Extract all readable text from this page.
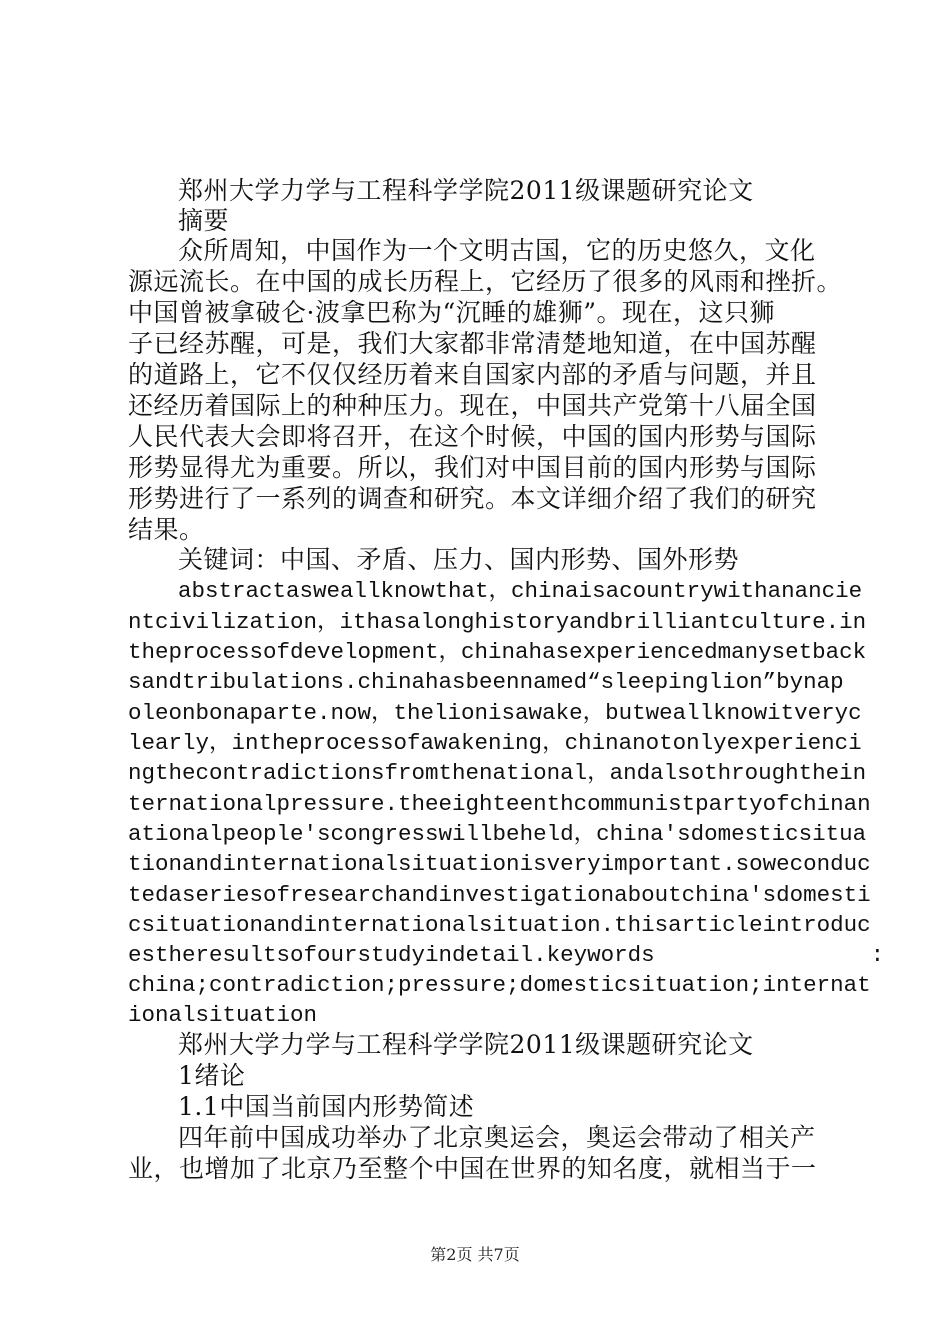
郑州大学力学与工程科学学院2011级课题研究论文
摘要
众所周知，中国作为一个文明古国，它的历史悠久，文化
源远流长。在中国的成长历程上，它经历了很多的风雨和挫折。
中国曾被拿破仑·波拿巴称为“沉睡的雄狮”。现在，这只狮
子已经苏醒，可是，我们大家都非常清楚地知道，在中国苏醒
的道路上，它不仅仅经历着来自国家内部的矛盾与问题，并且
还经历着国际上的种种压力。现在，中国共产党第十八届全国
人民代表大会即将召开，在这个时候，中国的国内形势与国际
形势显得尤为重要。所以，我们对中国目前的国内形势与国际
形势进行了一系列的调查和研究。本文详细介绍了我们的研究
结果。
关键词：中国、矛盾、压力、国内形势、国外形势
abstractasweallknowthat，chinaisacountrywithananciе
ntcivilization，ithasalonghistoryandbrilliantculture.in
theprocessofdevelopment，chinahasexperiencedmanysetback
sandtribulations.chinahasbeennamed“sleepinglion”bynap
oleonbonaparte.now，thelionisawake，butweallknowitveryc
learly，intheprocessofawakening，chinanotonlyexperienci
ngthecontradictionsfromthenational，andalsothroughthein
ternationalpressure.theeighteenthcommunistpartyofchinan
ationalpeople'scongresswillbeheld，china'sdomesticsitua
tionandinternationalsituationisveryimportant.soweconduc
tedaseriesofresearchandinvestigationaboutchina'sdomesti
csituationandinternationalsituation.thisarticleintroduc
estheresultsofourstudyindetail.keywords                :
china;contradiction;pressure;domesticsituation;internat
ionalsituation
郑州大学力学与工程科学学院2011级课题研究论文
1绪论
1.1中国当前国内形势简述
四年前中国成功举办了北京奥运会，奥运会带动了相关产
业，也增加了北京乃至整个中国在世界的知名度，就相当于一
第2页 共7页
